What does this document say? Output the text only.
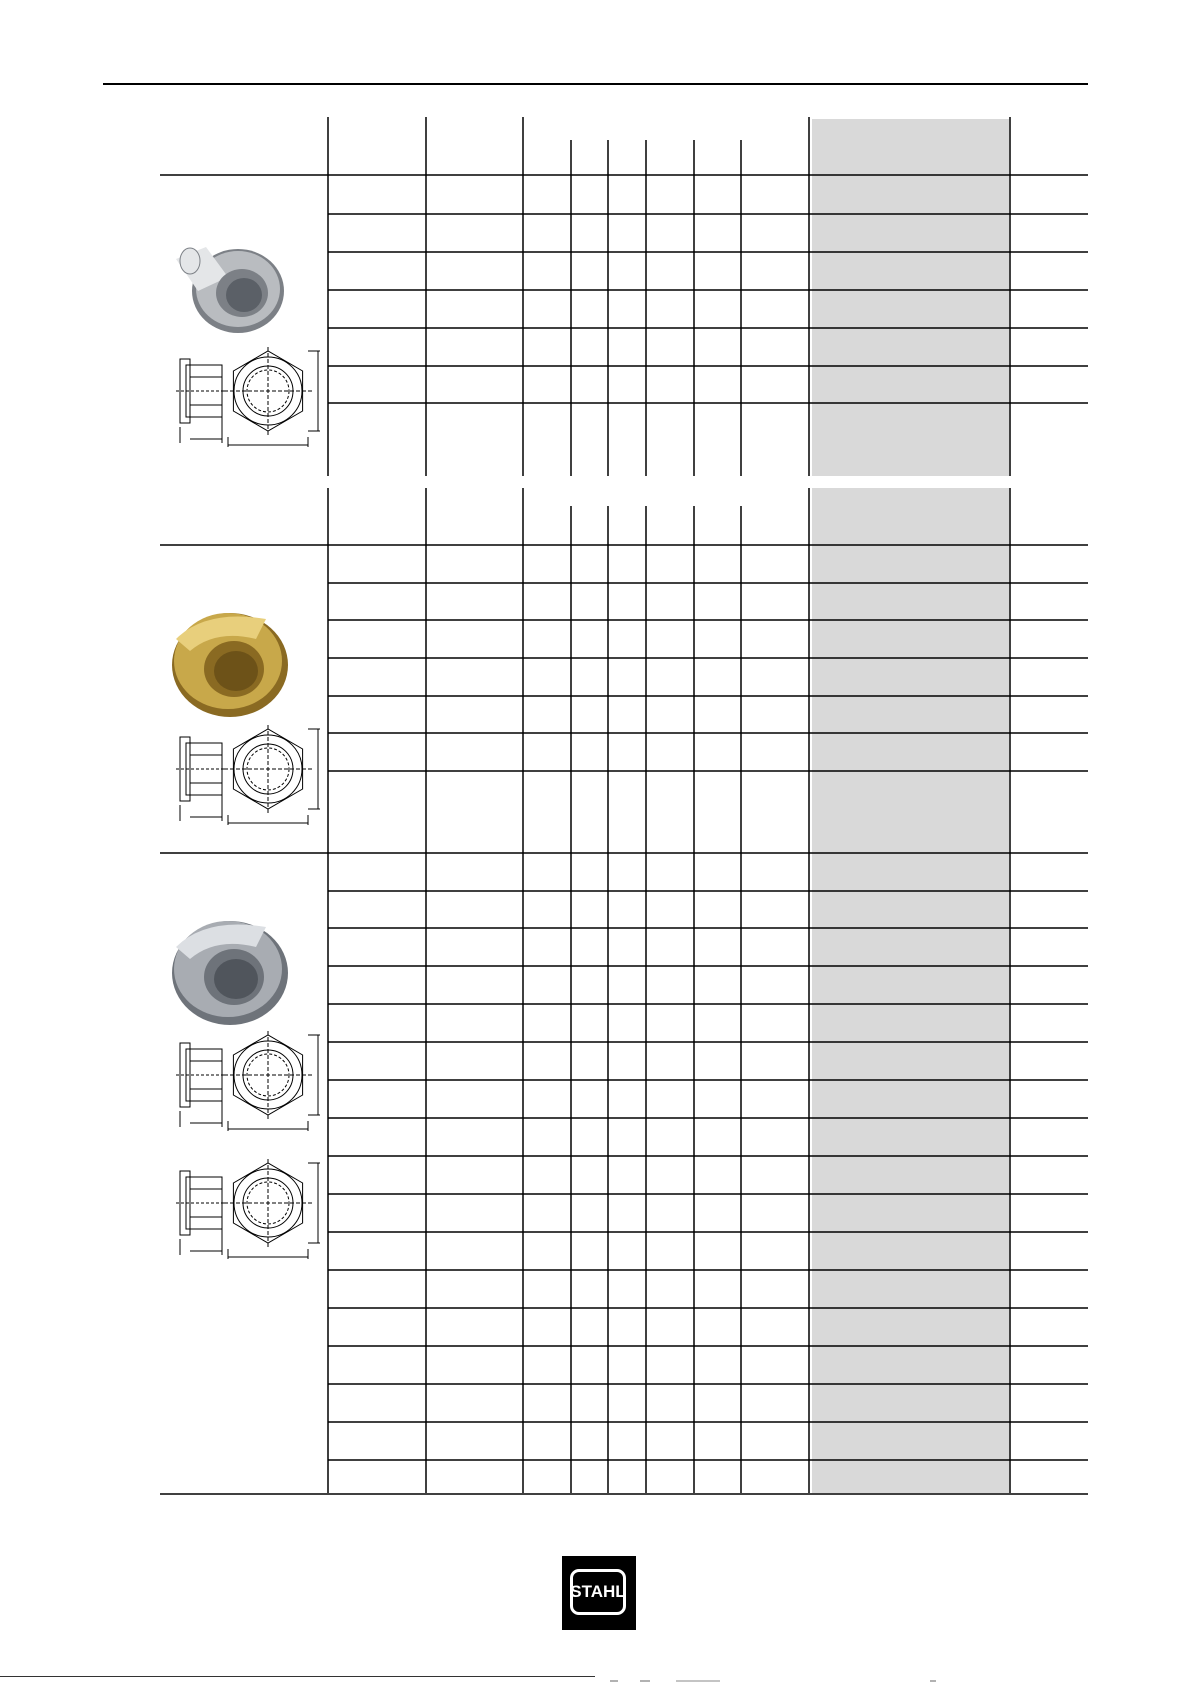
STAHL
